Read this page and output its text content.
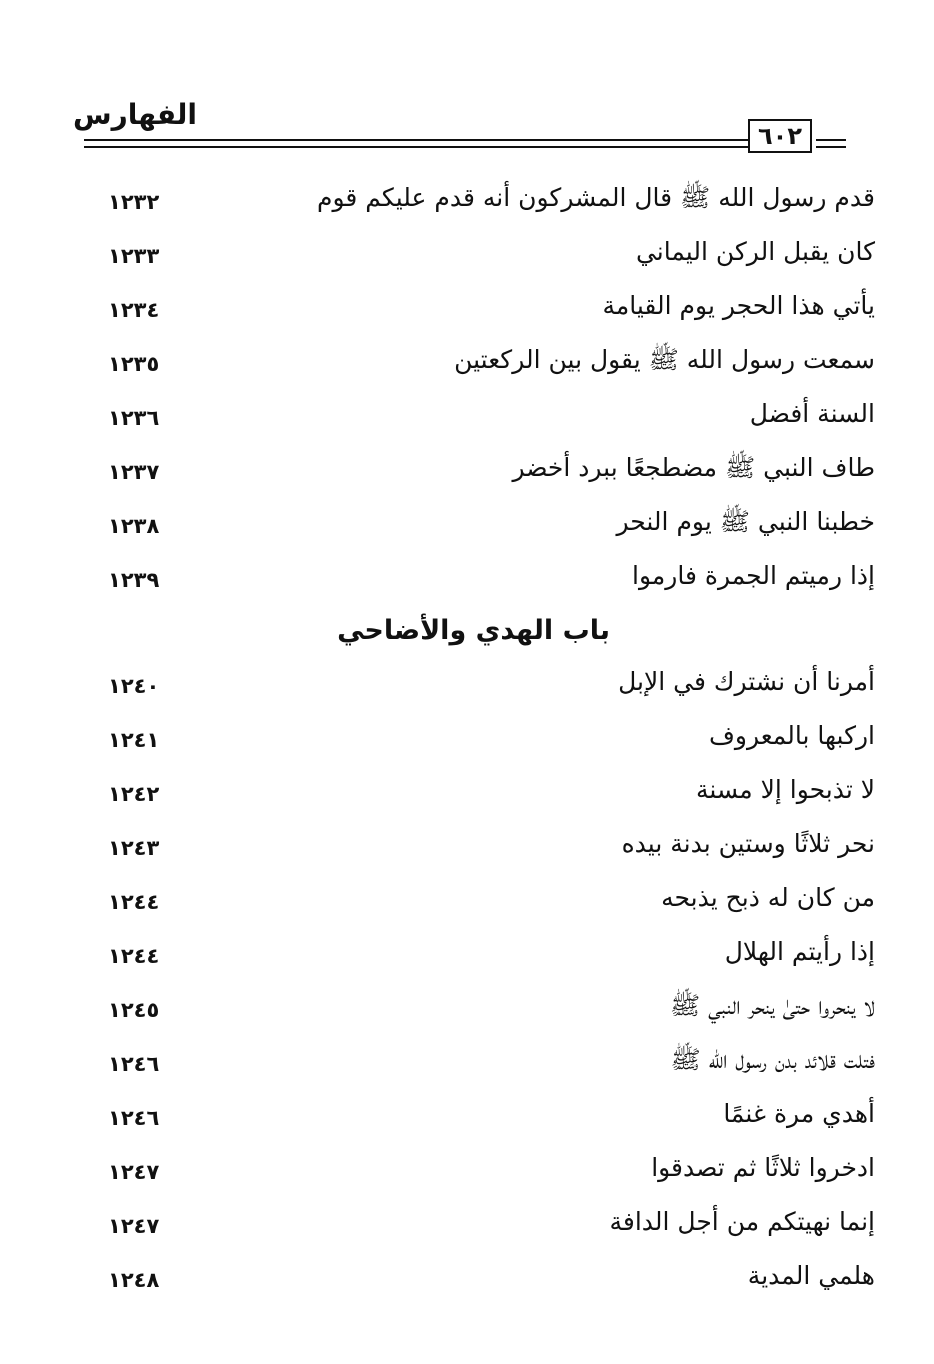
الفهارس
٦٠٢
قدم رسول الله ﷺ قال المشركون أنه قدم عليكم قوم
١٢٣٢
كان يقبل الركن اليماني
١٢٣٣
يأتي هذا الحجر يوم القيامة
١٢٣٤
سمعت رسول الله ﷺ يقول بين الركعتين
١٢٣٥
السنة أفضل
١٢٣٦
طاف النبي ﷺ مضطجعًا ببرد أخضر
١٢٣٧
خطبنا النبي ﷺ يوم النحر
١٢٣٨
إذا رميتم الجمرة فارموا
١٢٣٩
باب الهدي والأضاحي
أمرنا أن نشترك في الإبل
١٢٤٠
اركبها بالمعروف
١٢٤١
لا تذبحوا إلا مسنة
١٢٤٢
نحر ثلاثًا وستين بدنة بيده
١٢٤٣
من كان له ذبح يذبحه
١٢٤٤
إذا رأيتم الهلال
١٢٤٤
لا ينحروا حتىٰ ينحر النبي ﷺ
١٢٤٥
فتلت قلائد بدن رسول الله ﷺ
١٢٤٦
أهدي مرة غنمًا
١٢٤٦
ادخروا ثلاثًا ثم تصدقوا
١٢٤٧
إنما نهيتكم من أجل الدافة
١٢٤٧
هلمي المدية
١٢٤٨
